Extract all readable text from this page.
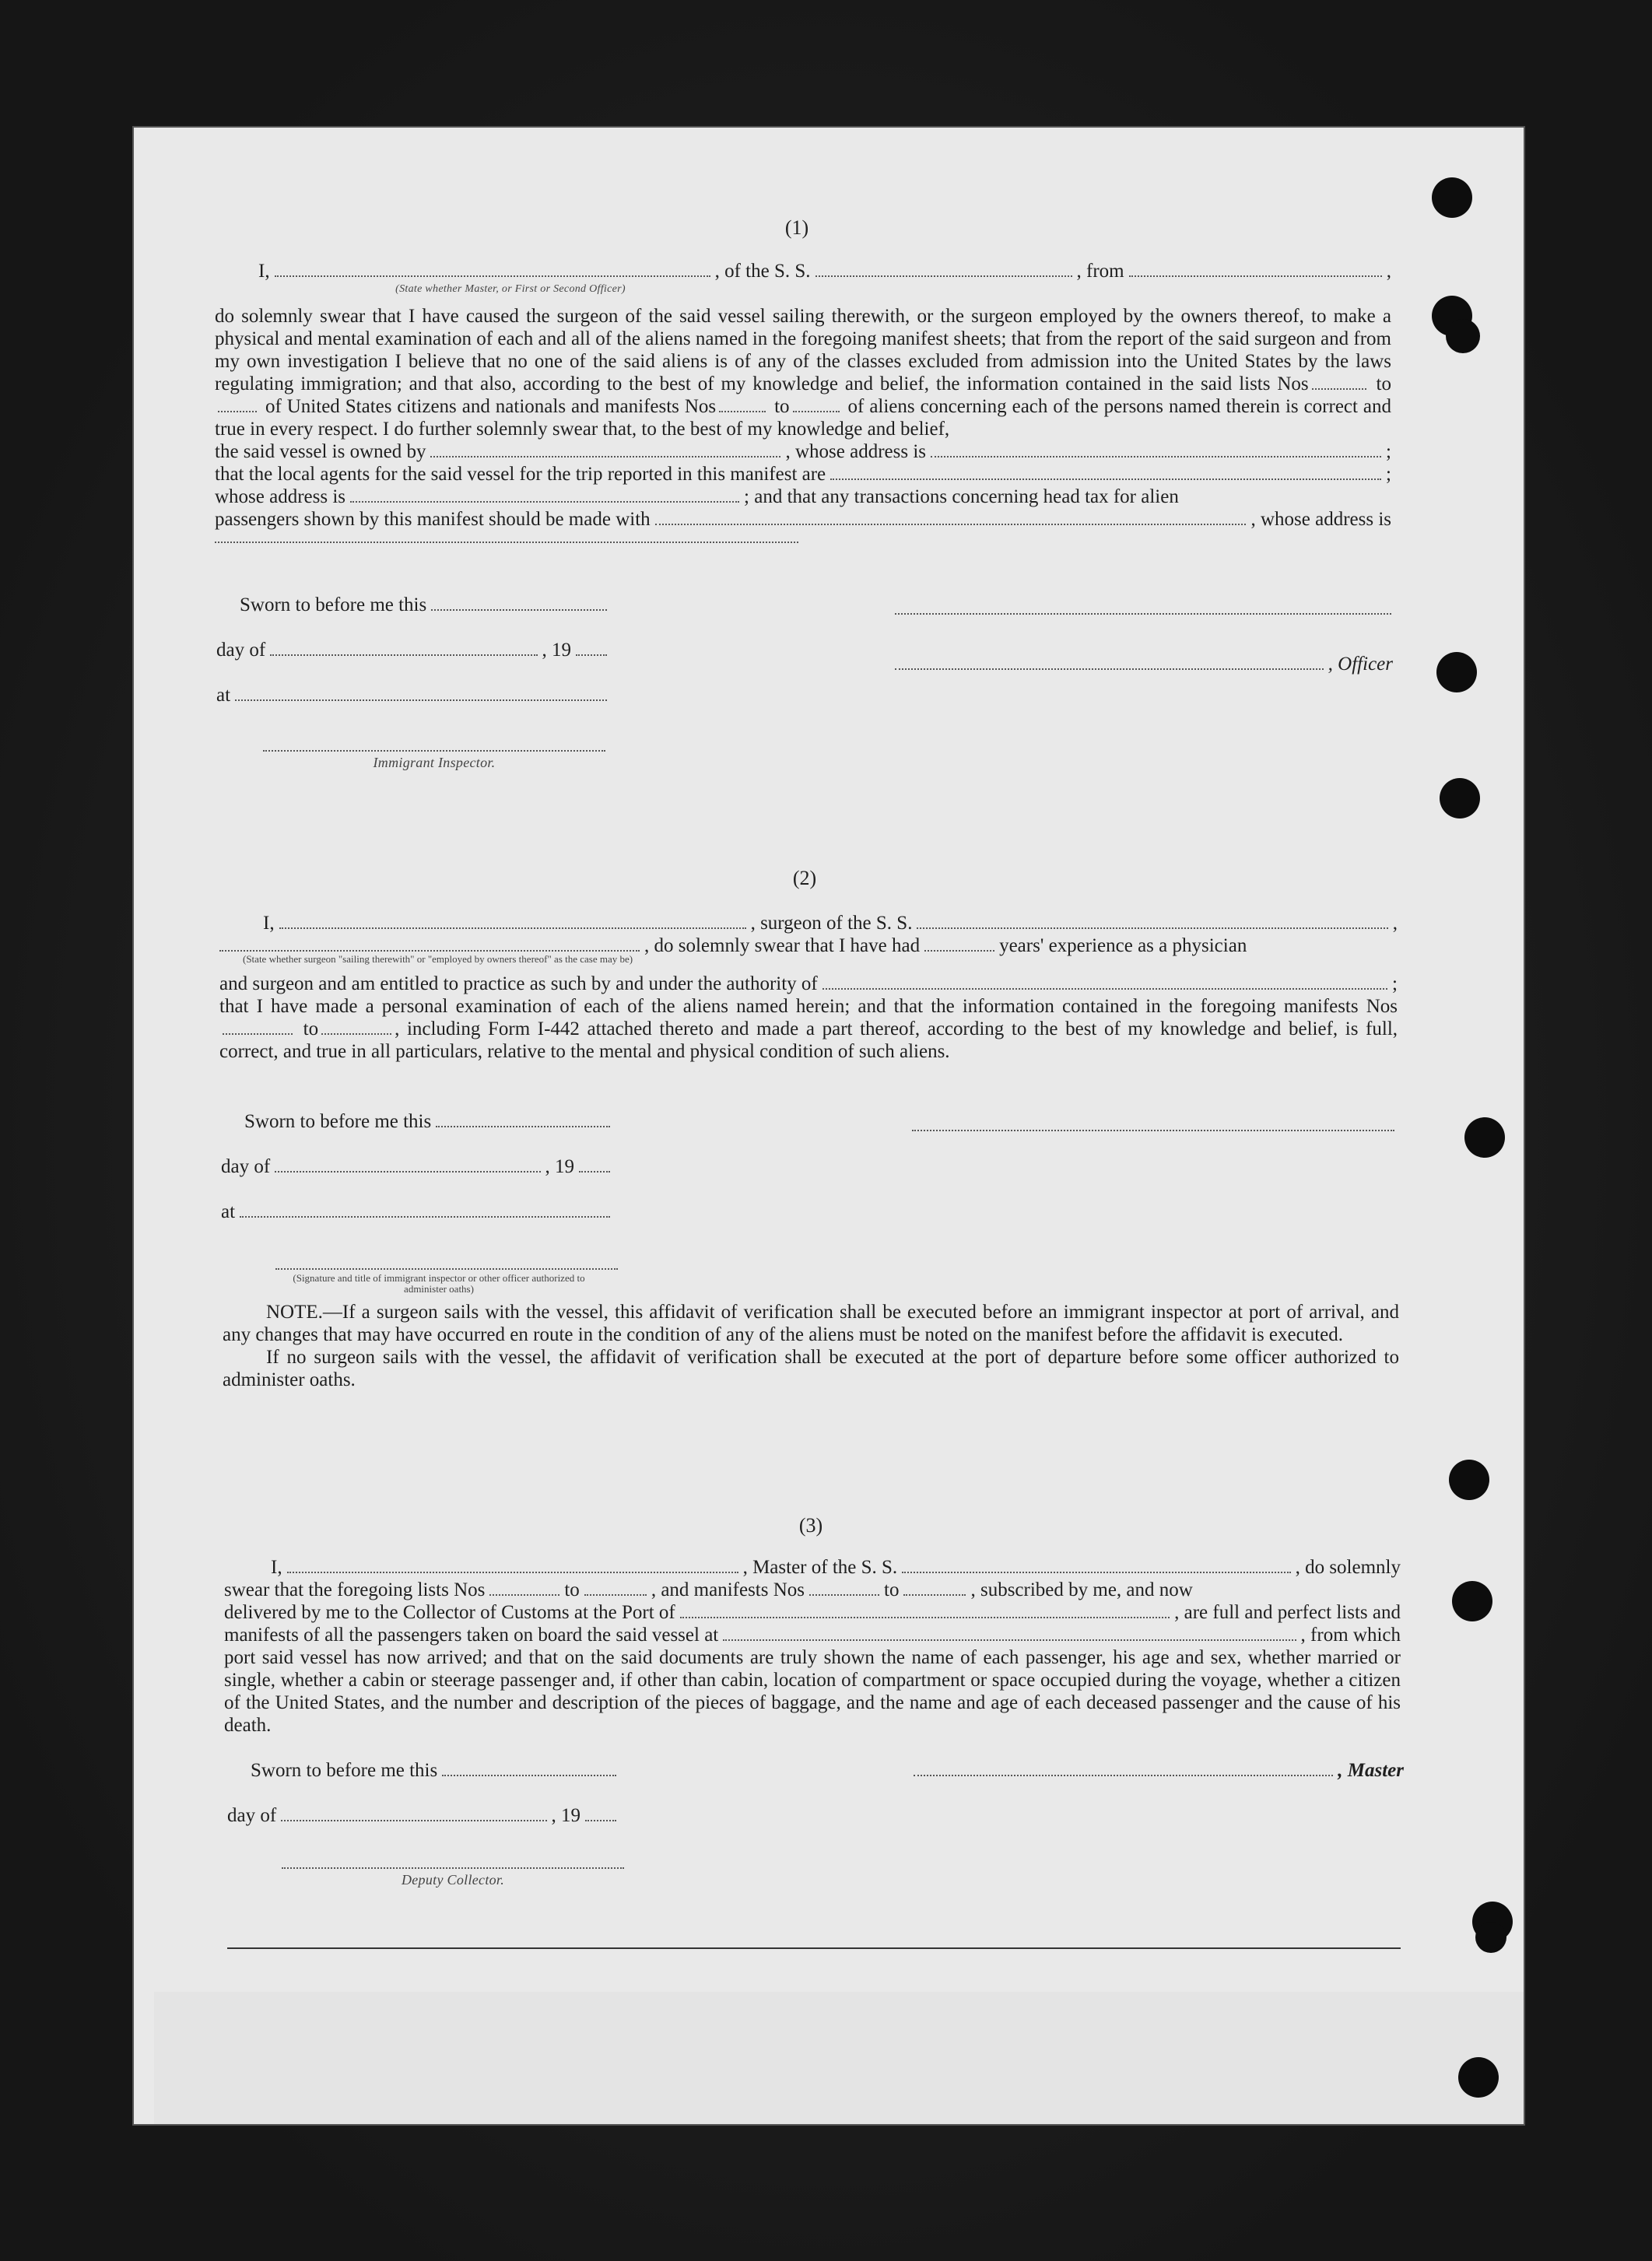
(1)
I,	, of the S. S.	, from	,
(State whether Master, or First or Second Officer)

do solemnly swear that I have caused the surgeon of the said vessel sailing therewith, or the surgeon employed by the owners thereof, to make a physical and mental examination of each and all of the aliens named in the foregoing manifest sheets; that from the report of the said surgeon and from my own investigation I believe that no one of the said aliens is of any of the classes excluded from admission into the United States by the laws regulating immigration; and that also, according to the best of my knowledge and belief, the information contained in the said lists Nos	to of United States citizens and nationals and manifests Nos	to	of aliens concerning each of the persons named therein is correct and true in every respect. I do further solemnly swear that, to the best of my knowledge and belief,

the said vessel is owned by	, whose address is	;
that the local agents for the said vessel for the trip reported in this manifest are	;
whose address is	; and that any transactions concerning head tax for alien
passengers shown by this manifest should be made with	, whose address is
Sworn to before me this
day of	, 19
at
Immigrant Inspector.
, Officer
(2)
I,	, surgeon of the S. S.	,
, do solemnly swear that I have had	years' experience as a physician
(State whether surgeon "sailing therewith" or "employed by owners thereof" as the case may be)
and surgeon and am entitled to practice as such by and under the authority of	;

that I have made a personal examination of each of the aliens named herein; and that the information contained in the foregoing manifests Nos to	, including Form I-442 attached thereto and made a part thereof, according to the best of my knowledge and belief, is full, correct, and true in all particulars, relative to the mental and physical condition of such aliens.

Sworn to before me this
day of	, 19
at
(Signature and title of immigrant inspector or other officer authorized to administer oaths)

NOTE.—If a surgeon sails with the vessel, this affidavit of verification shall be executed before an immigrant inspector at port of arrival, and any changes that may have occurred en route in the condition of any of the aliens must be noted on the manifest before the affidavit is executed.

If no surgeon sails with the vessel, the affidavit of verification shall be executed at the port of departure before some officer authorized to administer oaths.

(3)
I,	, Master of the S. S.	, do solemnly
swear that the foregoing lists Nos	to	, and manifests Nos	to	, subscribed by me, and now
delivered by me to the Collector of Customs at the Port of	, are full and perfect lists and
manifests of all the passengers taken on board the said vessel at	, from which

port said vessel has now arrived; and that on the said documents are truly shown the name of each passenger, his age and sex, whether married or single, whether a cabin or steerage passenger and, if other than cabin, location of compartment or space occupied during the voyage, whether a citizen of the United States, and the number and description of the pieces of baggage, and the name and age of each deceased passenger and the cause of his death.

Sworn to before me this
day of	, 19
Deputy Collector.
, Master
